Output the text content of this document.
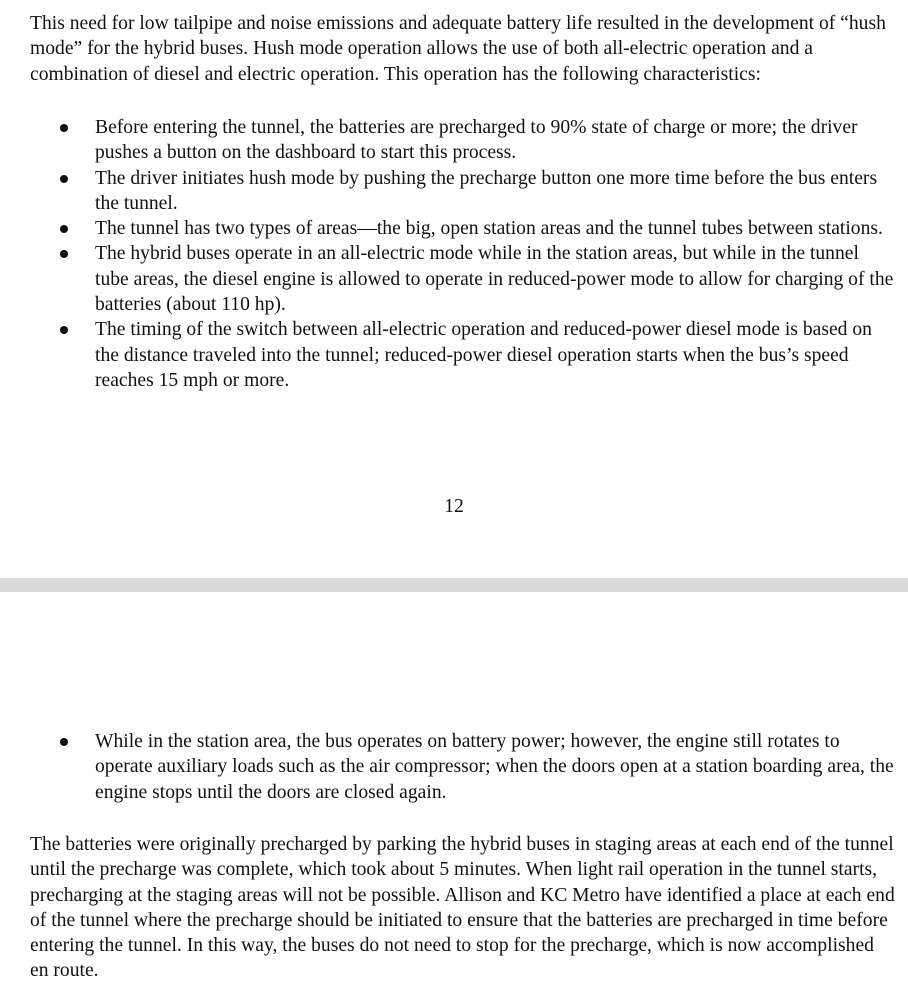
This need for low tailpipe and noise emissions and adequate battery life resulted in the development of “hush mode” for the hybrid buses. Hush mode operation allows the use of both all-electric operation and a combination of diesel and electric operation. This operation has the following characteristics:

Before entering the tunnel, the batteries are precharged to 90% state of charge or more; the driver pushes a button on the dashboard to start this process.
The driver initiates hush mode by pushing the precharge button one more time before the bus enters the tunnel.
The tunnel has two types of areas—the big, open station areas and the tunnel tubes between stations.
The hybrid buses operate in an all-electric mode while in the station areas, but while in the tunnel tube areas, the diesel engine is allowed to operate in reduced-power mode to allow for charging of the batteries (about 110 hp).
The timing of the switch between all-electric operation and reduced-power diesel mode is based on the distance traveled into the tunnel; reduced-power diesel operation starts when the bus’s speed reaches 15 mph or more.
12
While in the station area, the bus operates on battery power; however, the engine still rotates to operate auxiliary loads such as the air compressor; when the doors open at a station boarding area, the engine stops until the doors are closed again.

The batteries were originally precharged by parking the hybrid buses in staging areas at each end of the tunnel until the precharge was complete, which took about 5 minutes. When light rail operation in the tunnel starts, precharging at the staging areas will not be possible. Allison and KC Metro have identified a place at each end of the tunnel where the precharge should be initiated to ensure that the batteries are precharged in time before entering the tunnel. In this way, the buses do not need to stop for the precharge, which is now accomplished en route.
